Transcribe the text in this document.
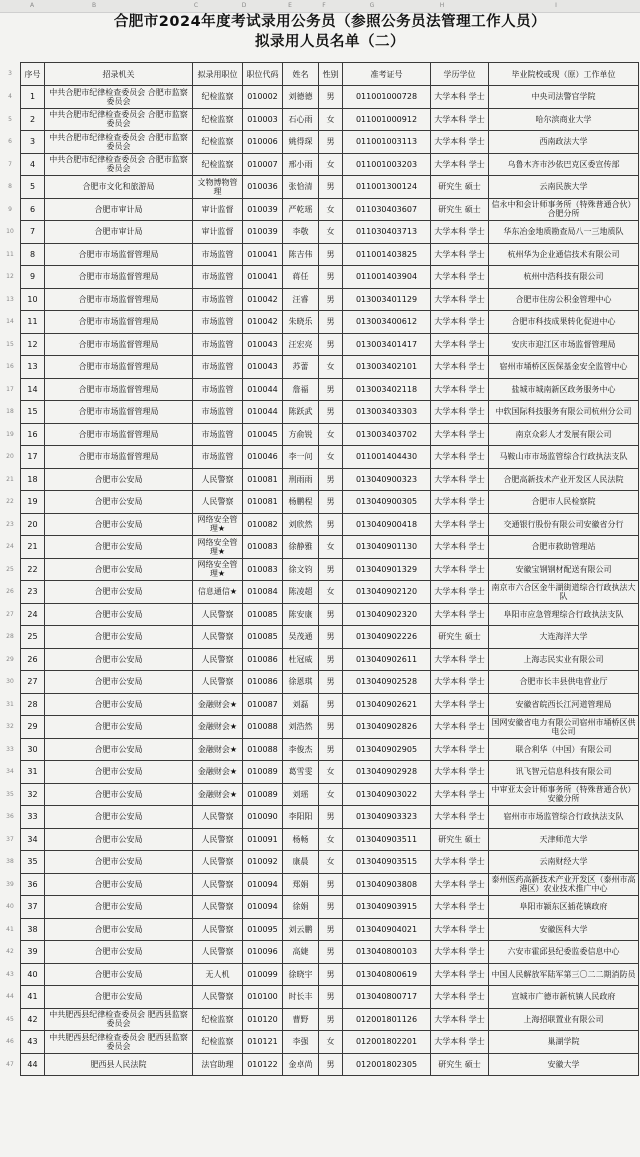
A	B	C	D	E	F	G	H	I
合肥市2024年度考试录用公务员（参照公务员法管理工作人员）
拟录用人员名单（二）
3
4
5
6
7
8
9
10
11
12
13
14
15
16
17
18
19
20
21
22
23
24
25
26
27
28
29
30
31
32
33
34
35
36
37
38
39
40
41
42
43
44
45
46
47
序号	招录机关	拟录用职位	职位代码	姓名	性别	准考证号	学历学位	毕业院校或现（原）工作单位
1	中共合肥市纪律检查委员会 合肥市监察委员会	纪检监察	010002	刘德德	男	011001000728	大学本科 学士	中央司法警官学院
2	中共合肥市纪律检查委员会 合肥市监察委员会	纪检监察	010003	石心雨	女	011001000912	大学本科 学士	哈尔滨商业大学
3	中共合肥市纪律检查委员会 合肥市监察委员会	纪检监察	010006	姚得琛	男	011001003113	大学本科 学士	西南政法大学
4	中共合肥市纪律检查委员会 合肥市监察委员会	纪检监察	010007	邢小雨	女	011001003203	大学本科 学士	乌鲁木齐市沙依巴克区委宣传部
5	合肥市文化和旅游局	文物博物管理	010036	张恰清	男	011001300124	研究生 硕士	云南民族大学
6	合肥市审计局	审计监督	010039	严乾瑶	女	011030403607	研究生 硕士	信永中和会计师事务所（特殊普通合伙）合肥分所
7	合肥市审计局	审计监督	010039	李敬	女	011030403713	大学本科 学士	华东冶金地质勘查局八一三地质队
8	合肥市市场监督管理局	市场监管	010041	陈吉伟	男	011001403825	大学本科 学士	杭州华为企业通信技术有限公司
9	合肥市市场监督管理局	市场监管	010041	蒋任	男	011001403904	大学本科 学士	杭州中浩科技有限公司
10	合肥市市场监督管理局	市场监管	010042	汪睿	男	013003401129	大学本科 学士	合肥市住房公积金管理中心
11	合肥市市场监督管理局	市场监管	010042	朱晓乐	男	013003400612	大学本科 学士	合肥市科技成果转化促进中心
12	合肥市市场监督管理局	市场监管	010043	汪宏亮	男	013003401417	大学本科 学士	安庆市迎江区市场监督管理局
13	合肥市市场监督管理局	市场监管	010043	苏蕾	女	013003402101	大学本科 学士	宿州市埇桥区医保基金安全监管中心
14	合肥市市场监督管理局	市场监管	010044	詹福	男	013003402118	大学本科 学士	盐城市城南新区政务服务中心
15	合肥市市场监督管理局	市场监管	010044	陈跃武	男	013003403303	大学本科 学士	中软国际科技服务有限公司杭州分公司
16	合肥市市场监督管理局	市场监管	010045	方俞锐	女	013003403702	大学本科 学士	南京众彩人才发展有限公司
17	合肥市市场监督管理局	市场监管	010046	李一问	女	011001404430	大学本科 学士	马鞍山市市场监管综合行政执法支队
18	合肥市公安局	人民警察	010081	刑雨雨	男	013040900323	大学本科 学士	合肥高新技术产业开发区人民法院
19	合肥市公安局	人民警察	010081	杨鹏程	男	013040900305	大学本科 学士	合肥市人民检察院
20	合肥市公安局	网络安全管理★	010082	刘欣然	男	013040900418	大学本科 学士	交通银行股份有限公司安徽省分行
21	合肥市公安局	网络安全管理★	010083	徐静雅	女	013040901130	大学本科 学士	合肥市救助管理站
22	合肥市公安局	网络安全管理★	010083	徐文钧	男	013040901329	大学本科 学士	安徽宝钢钢材配送有限公司
23	合肥市公安局	信息通信★	010084	陈凌超	女	013040902120	大学本科 学士	南京市六合区金牛湖街道综合行政执法大队
24	合肥市公安局	人民警察	010085	陈安康	男	013040902320	大学本科 学士	阜阳市应急管理综合行政执法支队
25	合肥市公安局	人民警察	010085	吴茂通	男	013040902226	研究生 硕士	大连海洋大学
26	合肥市公安局	人民警察	010086	杜冠威	男	013040902611	大学本科 学士	上海志民实业有限公司
27	合肥市公安局	人民警察	010086	徐恩琪	男	013040902528	大学本科 学士	合肥市长丰县供电营业厅
28	合肥市公安局	金融财会★	010087	刘磊	男	013040902621	大学本科 学士	安徽省皖西长江河道管理局
29	合肥市公安局	金融财会★	010088	刘浩然	男	013040902826	大学本科 学士	国网安徽省电力有限公司宿州市埇桥区供电公司
30	合肥市公安局	金融财会★	010088	李俊杰	男	013040902905	大学本科 学士	联合利华（中国）有限公司
31	合肥市公安局	金融财会★	010089	葛雪雯	女	013040902928	大学本科 学士	讯飞智元信息科技有限公司
32	合肥市公安局	金融财会★	010089	刘瑶	女	013040903022	大学本科 学士	中审亚太会计师事务所（特殊普通合伙）安徽分所
33	合肥市公安局	人民警察	010090	李阳阳	男	013040903323	大学本科 学士	宿州市市场监管综合行政执法支队
34	合肥市公安局	人民警察	010091	杨畅	女	013040903511	研究生 硕士	天津师范大学
35	合肥市公安局	人民警察	010092	康晨	女	013040903515	大学本科 学士	云南财经大学
36	合肥市公安局	人民警察	010094	郑娟	男	013040903808	大学本科 学士	泰州医药高新技术产业开发区（泰州市高港区）农业技术推广中心
37	合肥市公安局	人民警察	010094	徐娟	男	013040903915	大学本科 学士	阜阳市颍东区插花镇政府
38	合肥市公安局	人民警察	010095	刘云鹏	男	013040904021	大学本科 学士	安徽医科大学
39	合肥市公安局	人民警察	010096	高婕	男	013040800103	大学本科 学士	六安市霍邱县纪委监委信息中心
40	合肥市公安局	无人机	010099	徐晓宇	男	013040800619	大学本科 学士	中国人民解放军陆军第三〇二二期消防员
41	合肥市公安局	人民警察	010100	时长丰	男	013040800717	大学本科 学士	宣城市广德市新杭镇人民政府
42	中共肥西县纪律检查委员会 肥西县监察委员会	纪检监察	010120	曹野	男	012001801126	大学本科 学士	上海招联置业有限公司
43	中共肥西县纪律检查委员会 肥西县监察委员会	纪检监察	010121	李强	女	012001802201	大学本科 学士	巢湖学院
44	肥西县人民法院	法官助理	010122	金卓尚	男	012001802305	研究生 硕士	安徽大学
